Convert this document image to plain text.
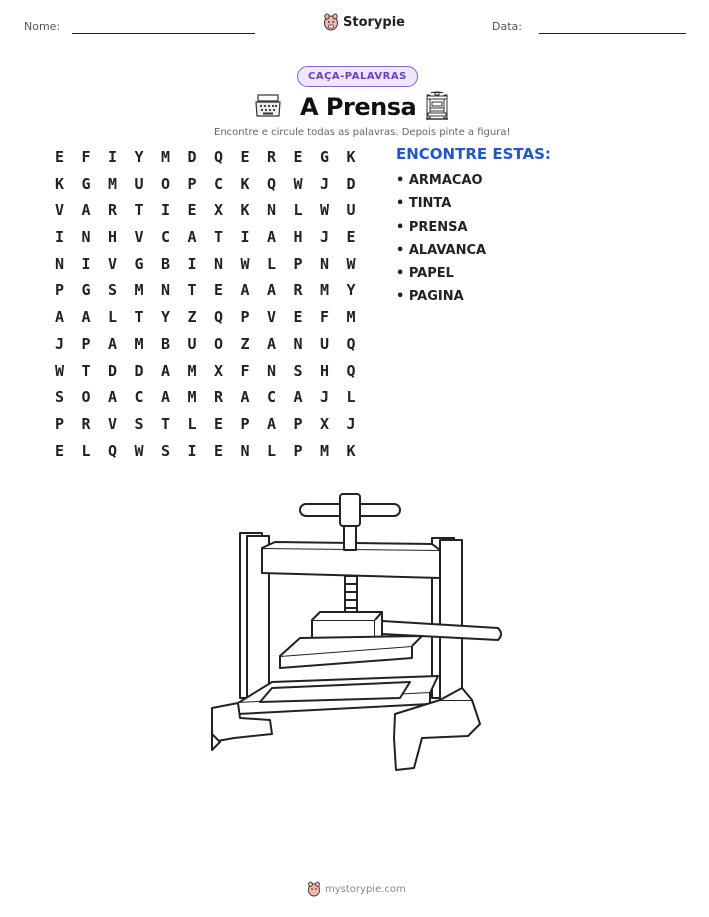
Nome:	Storypie	Data:
CAÇA-PALAVRAS
A Prensa
Encontre e circule todas as palavras. Depois pinte a figura!
E	F	I	Y	M	D	Q	E	R	E	G	K
K	G	M	U	O	P	C	K	Q	W	J	D
V	A	R	T	I	E	X	K	N	L	W	U
I	N	H	V	C	A	T	I	A	H	J	E
N	I	V	G	B	I	N	W	L	P	N	W
P	G	S	M	N	T	E	A	A	R	M	Y
A	A	L	T	Y	Z	Q	P	V	E	F	M
J	P	A	M	B	U	O	Z	A	N	U	Q
W	T	D	D	A	M	X	F	N	S	H	Q
S	O	A	C	A	M	R	A	C	A	J	L
P	R	V	S	T	L	E	P	A	P	X	J
E	L	Q	W	S	I	E	N	L	P	M	K
ENCONTRE ESTAS:
• ARMACAO
• TINTA
• PRENSA
• ALAVANCA
• PAPEL
• PAGINA
mystorypie.com
